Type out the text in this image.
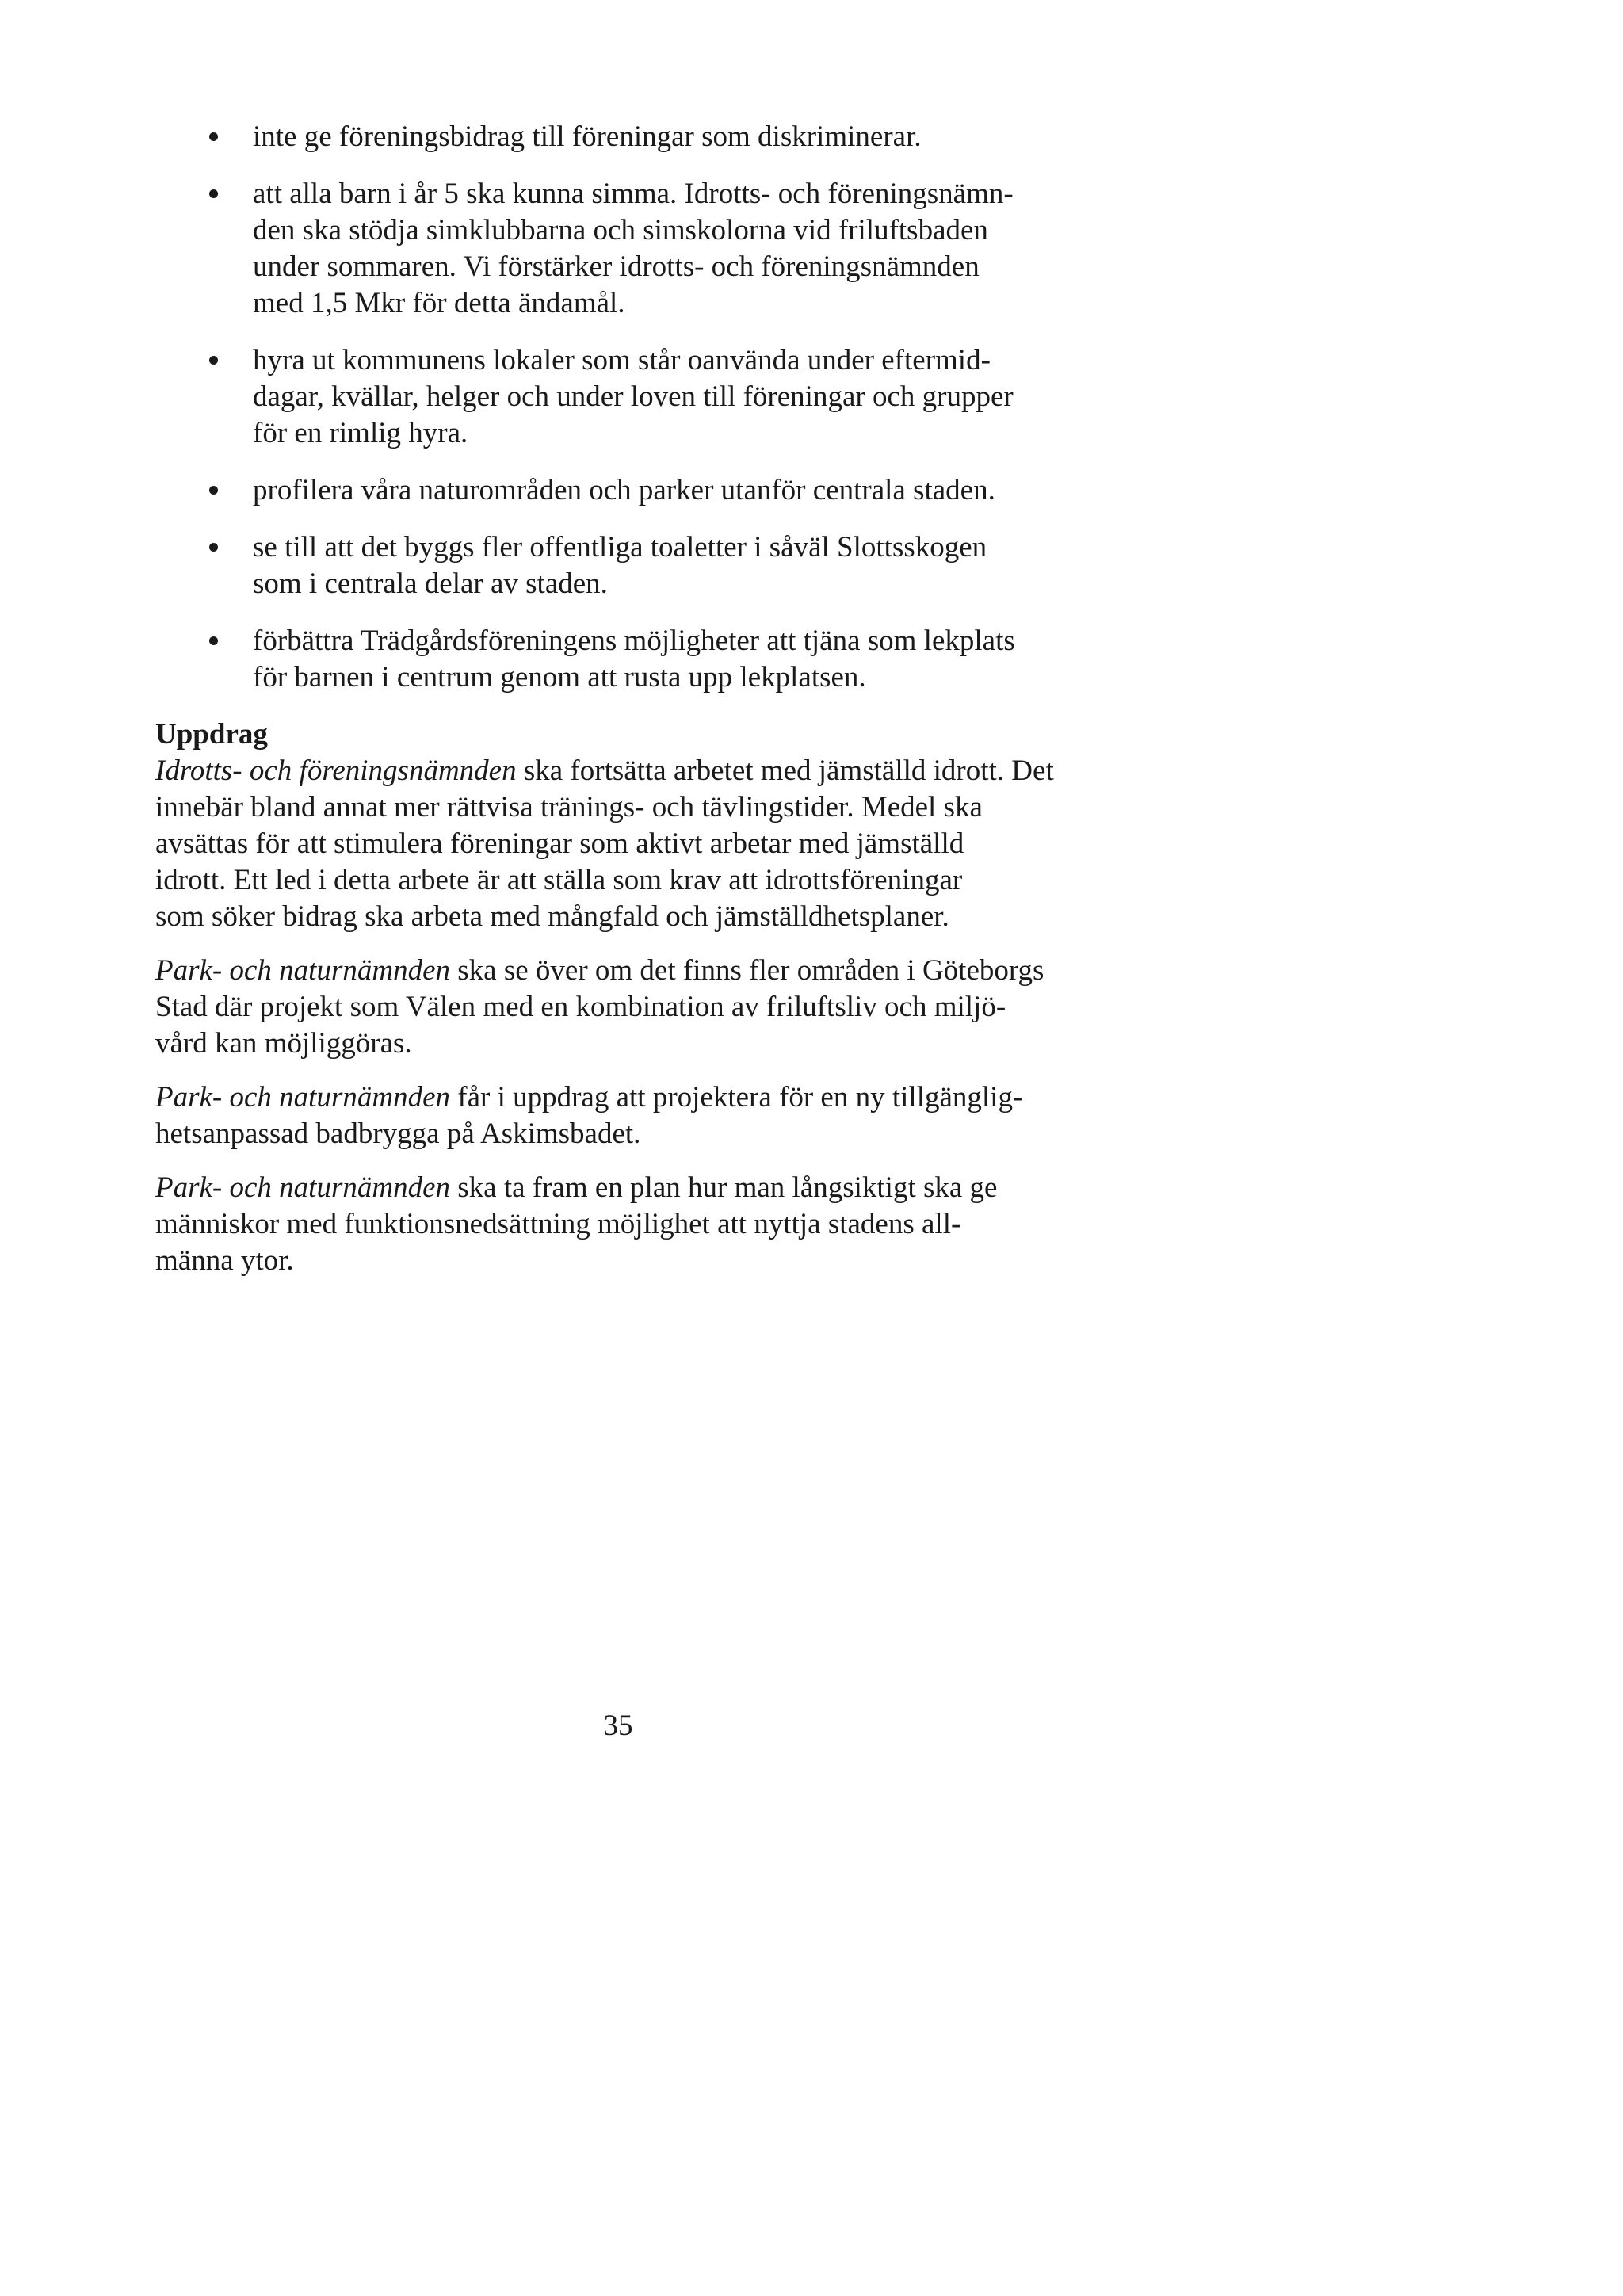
inte ge föreningsbidrag till föreningar som diskriminerar.
att alla barn i år 5 ska kunna simma. Idrotts- och föreningsnämn-
den ska stödja simklubbarna och simskolorna vid friluftsbaden
under sommaren. Vi förstärker idrotts- och föreningsnämnden
med 1,5 Mkr för detta ändamål.
hyra ut kommunens lokaler som står oanvända under eftermid-
dagar, kvällar, helger och under loven till föreningar och grupper
för en rimlig hyra.
profilera våra naturområden och parker utanför centrala staden.
se till att det byggs fler offentliga toaletter i såväl Slottsskogen
som i centrala delar av staden.
förbättra Trädgårdsföreningens möjligheter att tjäna som lekplats
för barnen i centrum genom att rusta upp lekplatsen.
Uppdrag

Idrotts- och föreningsnämnden ska fortsätta arbetet med jämställd idrott. Det
innebär bland annat mer rättvisa tränings- och tävlingstider. Medel ska
avsättas för att stimulera föreningar som aktivt arbetar med jämställd
idrott. Ett led i detta arbete är att ställa som krav att idrottsföreningar
som söker bidrag ska arbeta med mångfald och jämställdhetsplaner.

Park- och naturnämnden ska se över om det finns fler områden i Göteborgs
Stad där projekt som Välen med en kombination av friluftsliv och miljö-
vård kan möjliggöras.

Park- och naturnämnden får i uppdrag att projektera för en ny tillgänglig-
hetsanpassad badbrygga på Askimsbadet.

Park- och naturnämnden ska ta fram en plan hur man långsiktigt ska ge
människor med funktionsnedsättning möjlighet att nyttja stadens all-
männa ytor.

35
